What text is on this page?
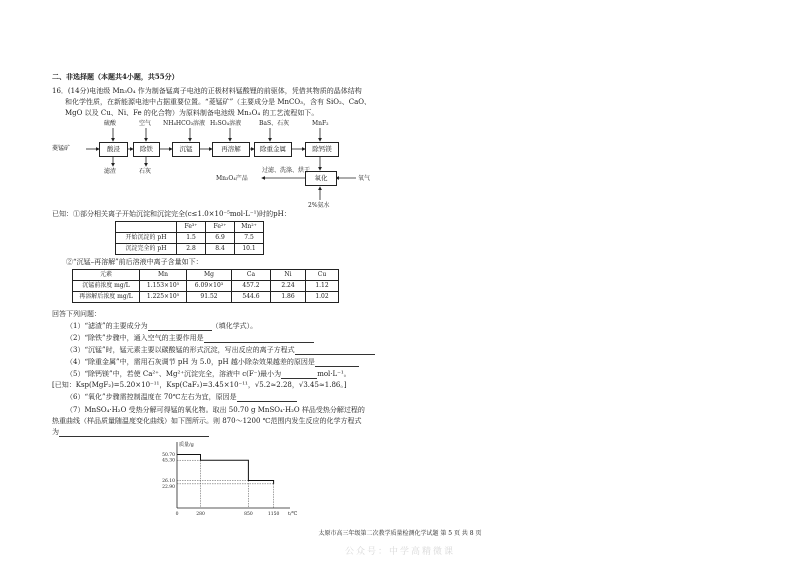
二、非选择题（本题共4小题，共55分）
16．(14分)电池级 Mn₃O₄ 作为制备锰离子电池的正极材料锰酸锂的前驱体，凭借其物质的晶体结构
和化学性质，在新能源电池中占据重要位置。“菱锰矿”（主要成分是 MnCO₃，含有 SiO₂、CaO、
MgO 以及 Cu、Ni、Fe 的化合物）为原料制备电池级 Mn₃O₄ 的工艺流程如下。
菱锰矿	酸浸	除铁	沉锰	再溶解	除重金属	除钙镁
氧化
硫酸	空气 NH₄HCO₃溶液 H₂SO₄溶液	BaS、石灰	MnF₂
滤渣	石灰
Mn₃O₄产品
过滤、洗涤、烘干
氧气
2%氨水
已知：①部分相关离子开始沉淀和沉淀完全(c≤1.0×10⁻⁵mol·L⁻¹)时的pH：
	Fe³⁺	Fe²⁺	Mn²⁺
开始沉淀的 pH	1.5	6.9	7.5
沉淀完全的 pH	2.8	8.4	10.1
②“沉锰–再溶解”前后溶液中离子含量如下：
元素	Mn	Mg	Ca	Ni	Cu
沉锰前浓度 mg/L	1.153×10⁵	6.09×10³	457.2	2.24	1.12
再溶解后浓度 mg/L	1.225×10⁵	91.52	544.6	1.86	1.02
回答下列问题：
（1）“滤渣”的主要成分为	（填化学式）。
（2）“除铁”步骤中，通入空气的主要作用是
（3）“沉锰”时，锰元素主要以碳酸锰的形式沉淀，写出反应的离子方程式
（4）“除重金属”中，需用石灰调节 pH 为 5.0，pH 越小除杂效果越差的原因是
（5）“除钙镁”中，若使 Ca²⁺、Mg²⁺沉淀完全，溶液中 c(F⁻)最小为	mol·L⁻¹。
[已知：Ksp(MgF₂)=5.20×10⁻¹¹，Ksp(CaF₂)=3.45×10⁻¹¹，√5.2≈2.28，√3.45≈1.86。]
（6）“氧化”步骤需控制温度在 70℃左右为宜，原因是
（7）MnSO₄·H₂O 受热分解可得锰的氧化物。取出 50.70 g MnSO₄·H₂O 样品受热分解过程的
热重曲线（样品质量随温度变化曲线）如下图所示。则 870～1200 ℃范围内发生反应的化学方程式
为
质量/g
t/℃
0	280	850	1150
50.70
45.30
26.10
22.90
太原市高三年级第二次教学质量检测化学试题 第 5 页 共 8 页
公众号：中学高精微课
